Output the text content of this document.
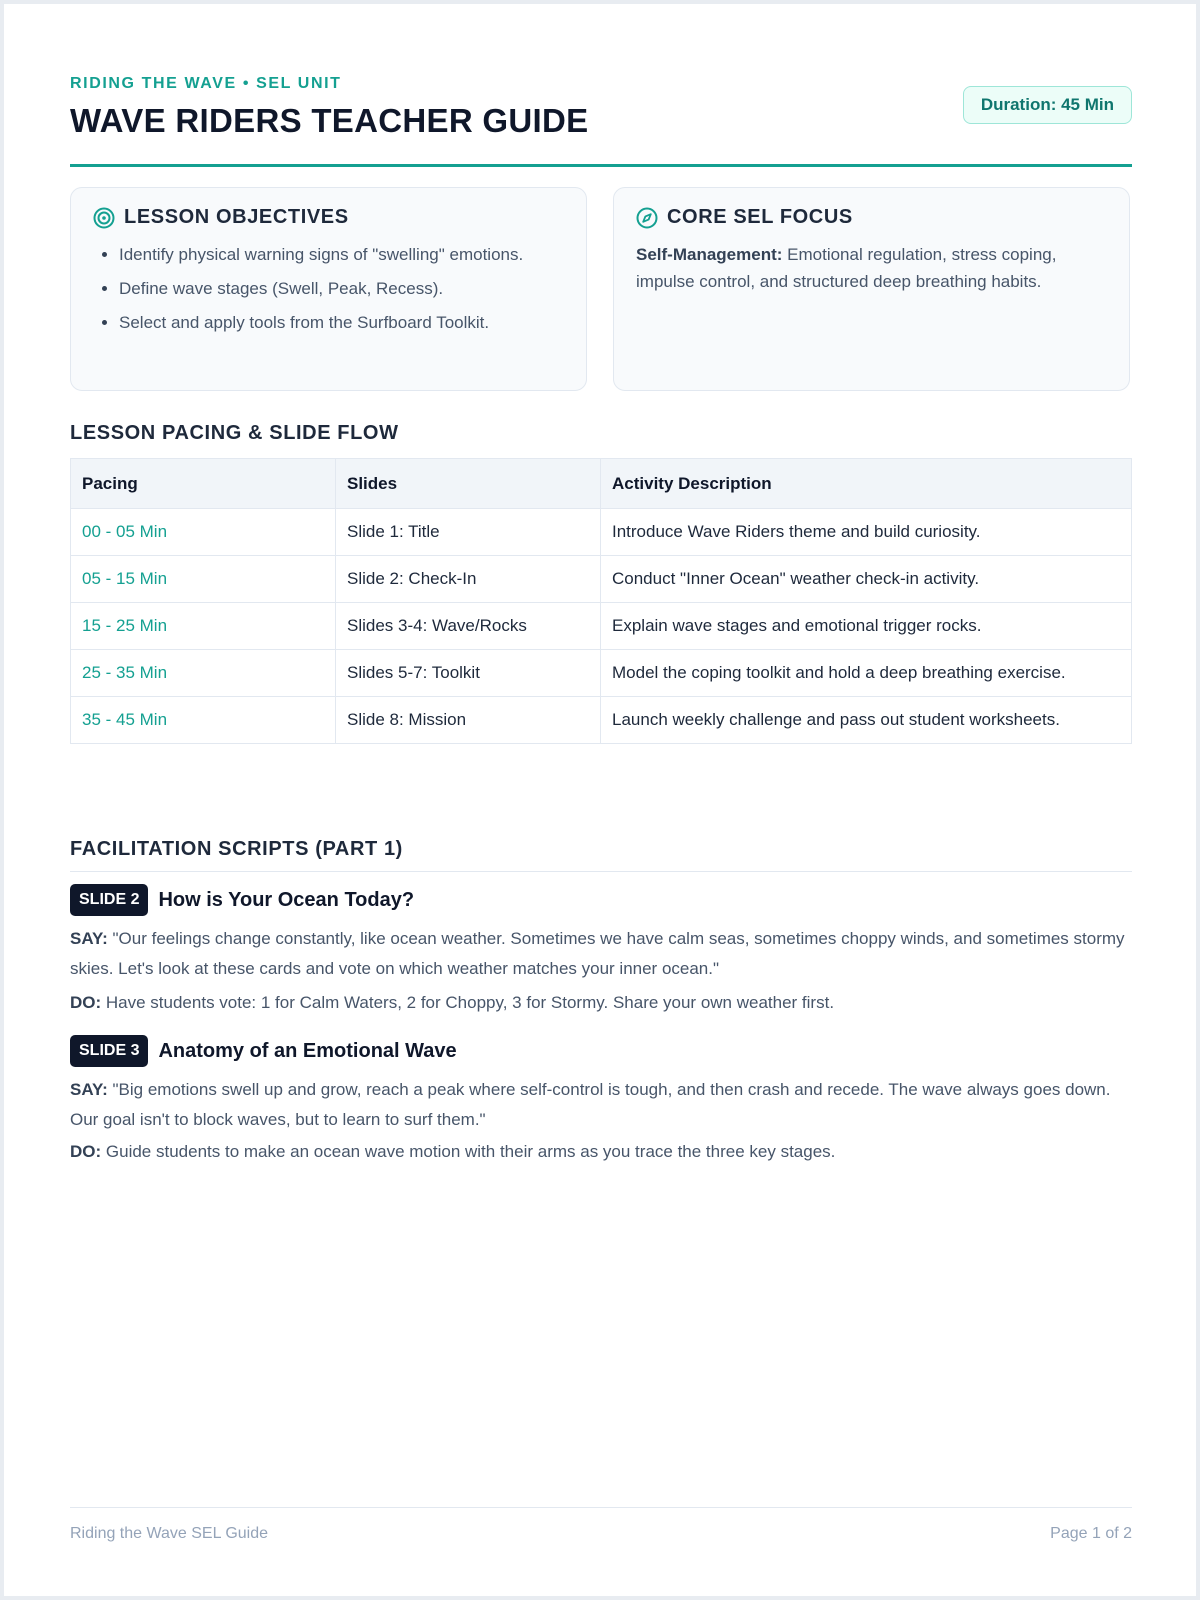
RIDING THE WAVE • SEL UNIT
WAVE RIDERS TEACHER GUIDE	Duration: 45 Min
LESSON OBJECTIVES
• Identify physical warning signs of "swelling" emotions.
• Define wave stages (Swell, Peak, Recess).
• Select and apply tools from the Surfboard Toolkit.
CORE SEL FOCUS

Self-Management: Emotional regulation, stress coping, impulse control, and structured deep breathing habits.

LESSON PACING & SLIDE FLOW
Pacing	Slides	Activity Description
00 - 05 Min	Slide 1: Title	Introduce Wave Riders theme and build curiosity.
05 - 15 Min	Slide 2: Check-In	Conduct "Inner Ocean" weather check-in activity.
15 - 25 Min	Slides 3-4: Wave/Rocks	Explain wave stages and emotional trigger rocks.
25 - 35 Min	Slides 5-7: Toolkit	Model the coping toolkit and hold a deep breathing exercise.
35 - 45 Min	Slide 8: Mission	Launch weekly challenge and pass out student worksheets.
FACILITATION SCRIPTS (PART 1)
SLIDE 2 How is Your Ocean Today?

SAY: "Our feelings change constantly, like ocean weather. Sometimes we have calm seas, sometimes choppy winds, and sometimes stormy skies. Let's look at these cards and vote on which weather matches your inner ocean."

DO: Have students vote: 1 for Calm Waters, 2 for Choppy, 3 for Stormy. Share your own weather first.

SLIDE 3 Anatomy of an Emotional Wave

SAY: "Big emotions swell up and grow, reach a peak where self-control is tough, and then crash and recede. The wave always goes down. Our goal isn't to block waves, but to learn to surf them."

DO: Guide students to make an ocean wave motion with their arms as you trace the three key stages.

Riding the Wave SEL Guide	Page 1 of 2
